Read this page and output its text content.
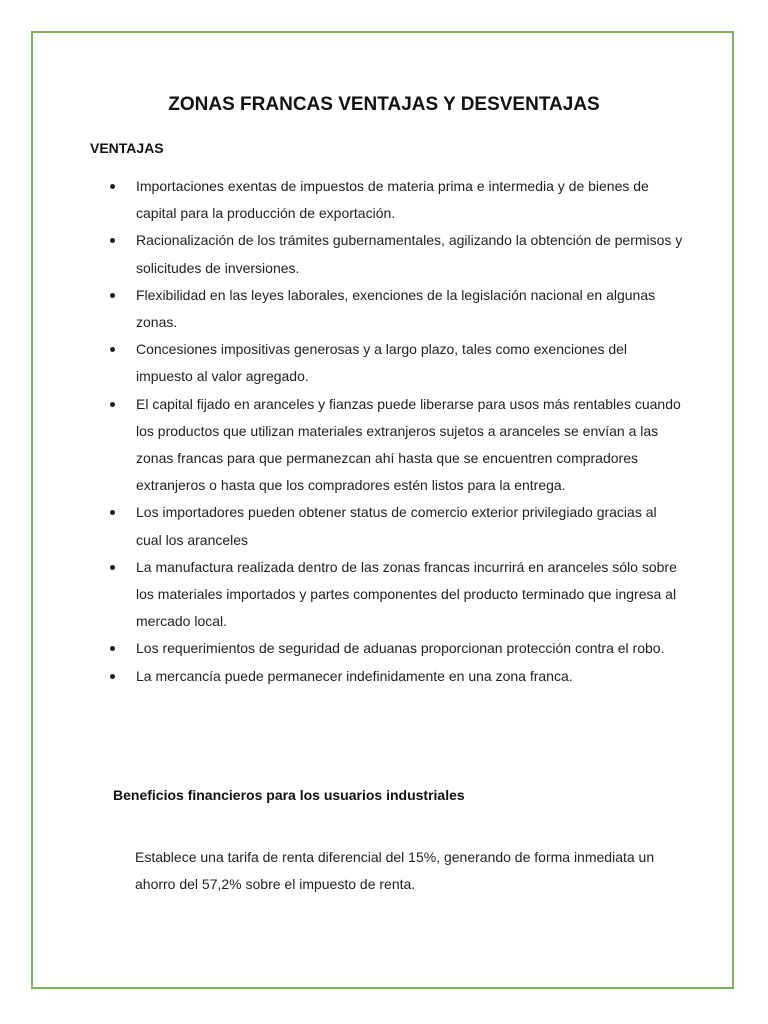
ZONAS FRANCAS VENTAJAS Y DESVENTAJAS
VENTAJAS
Importaciones exentas de impuestos de materia prima e intermedia y de bienes de capital para la producción de exportación.
Racionalización de los trámites gubernamentales, agilizando la obtención de permisos y solicitudes de inversiones.
Flexibilidad en las leyes laborales, exenciones de la legislación nacional en algunas zonas.
Concesiones impositivas generosas y a largo plazo, tales como exenciones del impuesto al valor agregado.
El capital fijado en aranceles y fianzas puede liberarse para usos más rentables cuando los productos que utilizan materiales extranjeros sujetos a aranceles se envían a las zonas francas para que permanezcan ahí hasta que se encuentren compradores extranjeros o hasta que los compradores estén listos para la entrega.
Los importadores pueden obtener status de comercio exterior privilegiado gracias al cual los aranceles
La manufactura realizada dentro de las zonas francas incurrirá en aranceles sólo sobre los materiales importados y partes componentes del producto terminado que ingresa al mercado local.
Los requerimientos de seguridad de aduanas proporcionan protección contra el robo.
La mercancía puede permanecer indefinidamente en una zona franca.
Beneficios financieros para los usuarios industriales

Establece una tarifa de renta diferencial del 15%, generando de forma inmediata un ahorro del 57,2% sobre el impuesto de renta.
